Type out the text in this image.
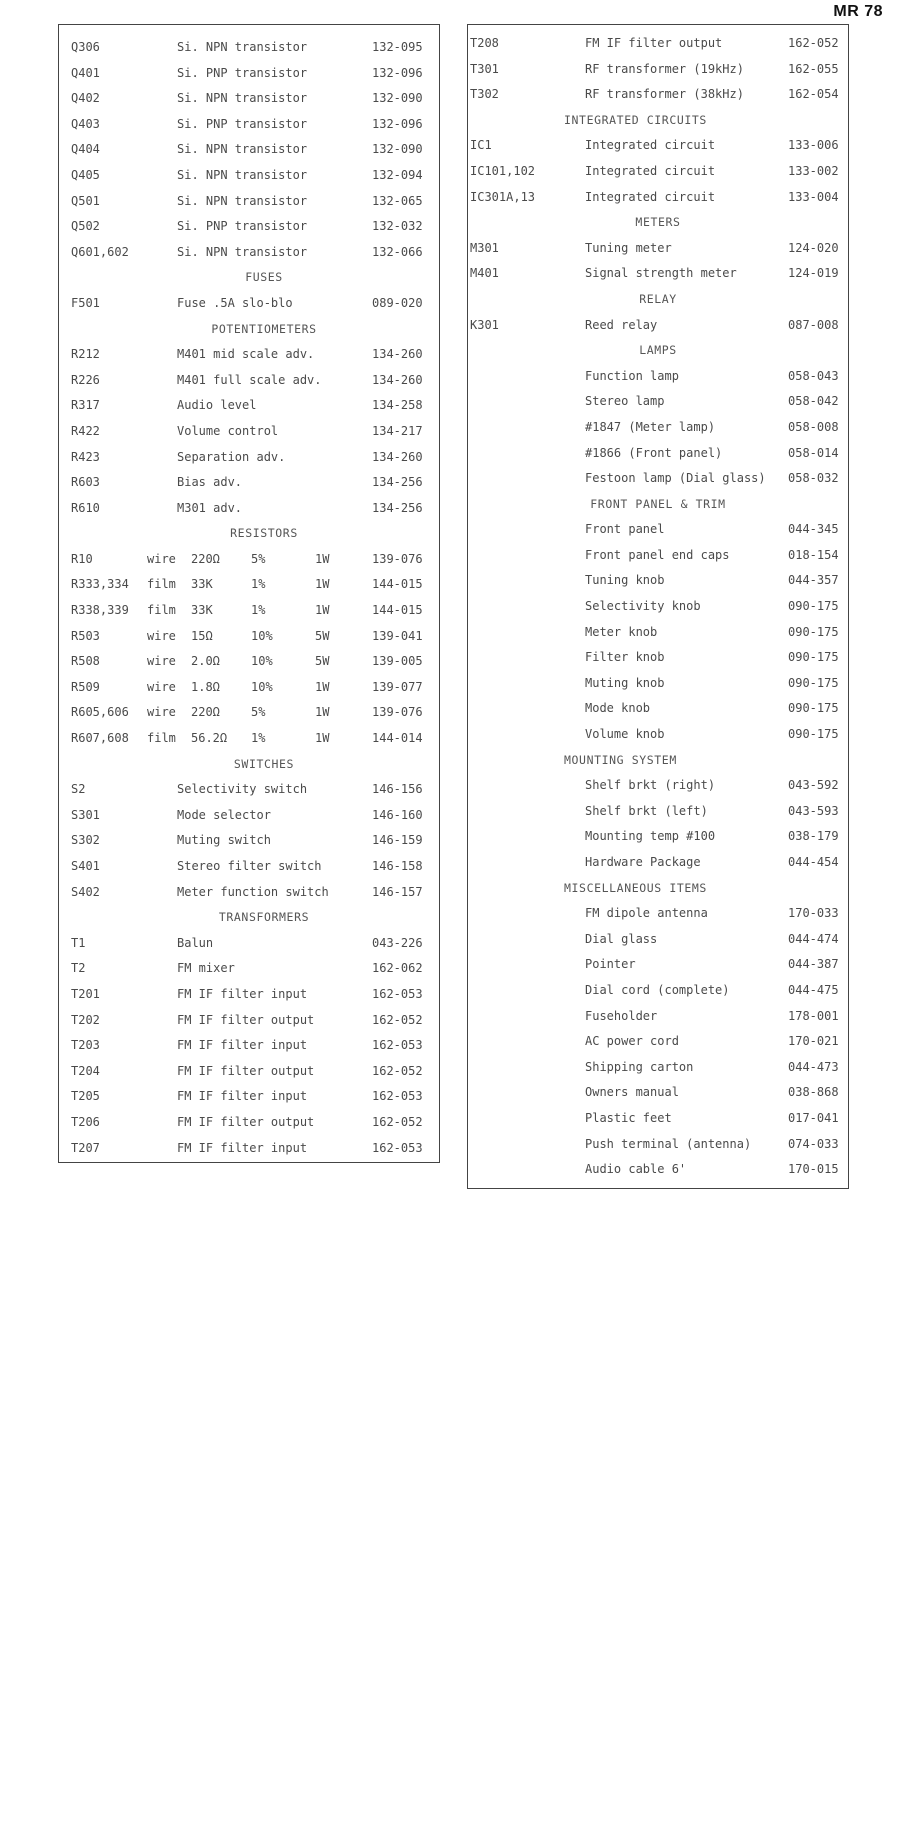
MR 78
Q306	Si. NPN transistor	132-095
Q401	Si. PNP transistor	132-096
Q402	Si. NPN transistor	132-090
Q403	Si. PNP transistor	132-096
Q404	Si. NPN transistor	132-090
Q405	Si. NPN transistor	132-094
Q501	Si. NPN transistor	132-065
Q502	Si. PNP transistor	132-032
Q601,602	Si. NPN transistor	132-066
FUSES
F501	Fuse .5A slo-blo	089-020
POTENTIOMETERS
R212	M401 mid scale adv.	134-260
R226	M401 full scale adv.	134-260
R317	Audio level	134-258
R422	Volume control	134-217
R423	Separation adv.	134-260
R603	Bias adv.	134-256
R610	M301 adv.	134-256
RESISTORS
R10	wire 220Ω	5%	1W	139-076
R333,334 film 33K	1%	1W	144-015
R338,339 film 33K	1%	1W	144-015
R503	wire 15Ω	10%	5W	139-041
R508	wire 2.0Ω	10%	5W	139-005
R509	wire 1.8Ω	10%	1W	139-077
R605,606 wire 220Ω	5%	1W	139-076
R607,608 film 56.2Ω 1%	1W	144-014
SWITCHES
S2	Selectivity switch	146-156
S301	Mode selector	146-160
S302	Muting switch	146-159
S401	Stereo filter switch	146-158
S402	Meter function switch	146-157
TRANSFORMERS
T1	Balun	043-226
T2	FM mixer	162-062
T201	FM IF filter input	162-053
T202	FM IF filter output	162-052
T203	FM IF filter input	162-053
T204	FM IF filter output	162-052
T205	FM IF filter input	162-053
T206	FM IF filter output	162-052
T207	FM IF filter input	162-053
T208	FM IF filter output	162-052
T301	RF transformer (19kHz)	162-055
T302	RF transformer (38kHz)	162-054
INTEGRATED CIRCUITS
IC1	Integrated circuit	133-006
IC101,102	Integrated circuit	133-002
IC301A,13	Integrated circuit	133-004
METERS
M301	Tuning meter	124-020
M401	Signal strength meter	124-019
RELAY
K301	Reed relay	087-008
LAMPS
Function lamp	058-043
Stereo lamp	058-042
#1847 (Meter lamp)	058-008
#1866 (Front panel)	058-014
Festoon lamp (Dial glass) 058-032
FRONT PANEL & TRIM
Front panel	044-345
Front panel end caps	018-154
Tuning knob	044-357
Selectivity knob	090-175
Meter knob	090-175
Filter knob	090-175
Muting knob	090-175
Mode knob	090-175
Volume knob	090-175
MOUNTING SYSTEM
Shelf brkt (right)	043-592
Shelf brkt (left)	043-593
Mounting temp #100	038-179
Hardware Package	044-454
MISCELLANEOUS ITEMS
FM dipole antenna	170-033
Dial glass	044-474
Pointer	044-387
Dial cord (complete)	044-475
Fuseholder	178-001
AC power cord	170-021
Shipping carton	044-473
Owners manual	038-868
Plastic feet	017-041
Push terminal (antenna)	074-033
Audio cable 6'	170-015
